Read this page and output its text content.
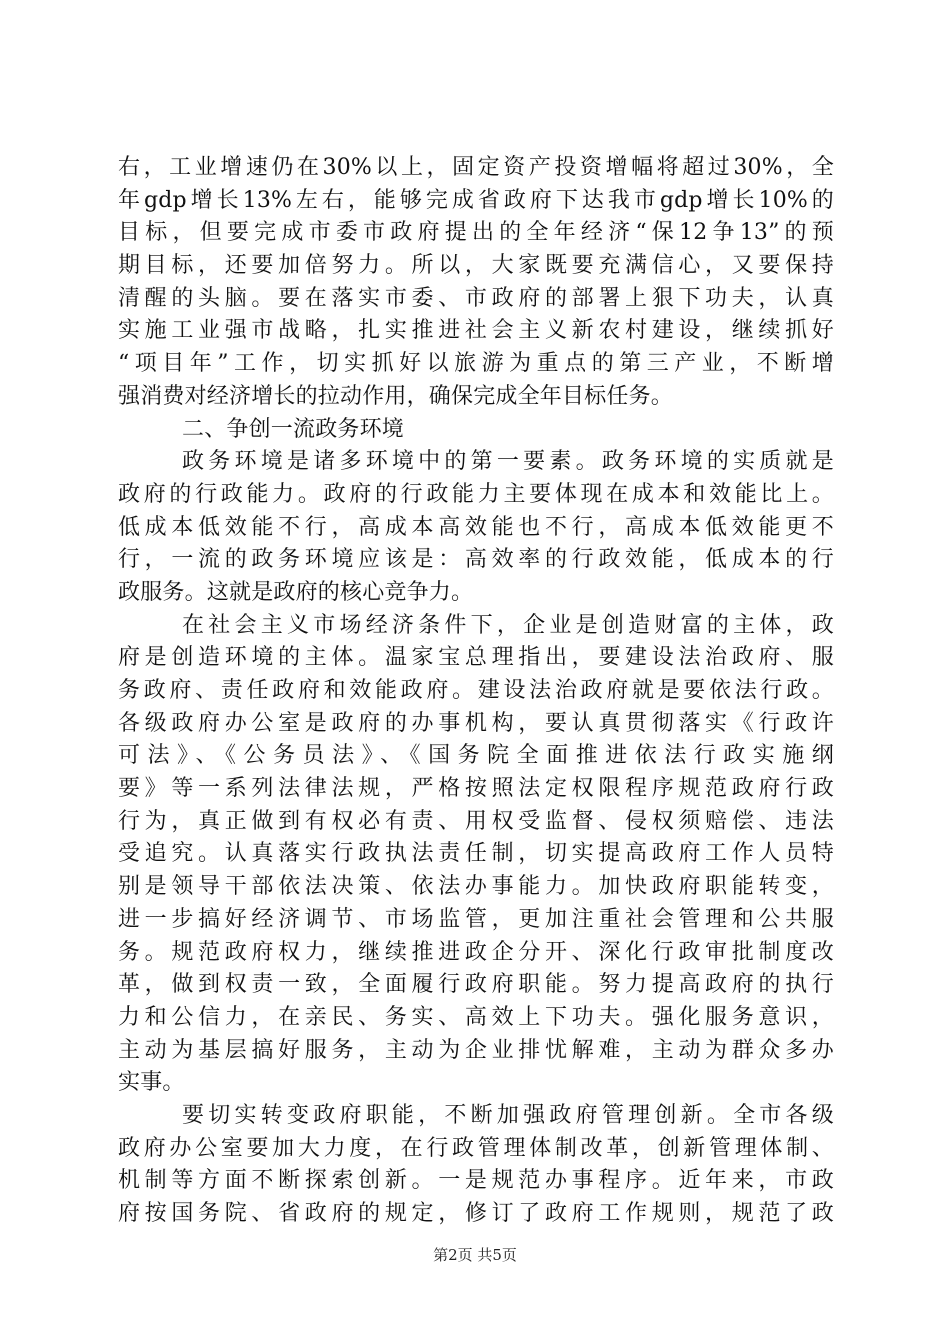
右，工业增速仍在30%以上，固定资产投资增幅将超过30%，全
年gdp增长13%左右，能够完成省政府下达我市gdp增长10%的
目标，但要完成市委市政府提出的全年经济“保12争13”的预
期目标，还要加倍努力。所以，大家既要充满信心，又要保持
清醒的头脑。要在落实市委、市政府的部署上狠下功夫，认真
实施工业强市战略，扎实推进社会主义新农村建设，继续抓好
“项目年”工作，切实抓好以旅游为重点的第三产业，不断增
强消费对经济增长的拉动作用，确保完成全年目标任务。
二、争创一流政务环境
政务环境是诸多环境中的第一要素。政务环境的实质就是
政府的行政能力。政府的行政能力主要体现在成本和效能比上。
低成本低效能不行，高成本高效能也不行，高成本低效能更不
行，一流的政务环境应该是：高效率的行政效能，低成本的行
政服务。这就是政府的核心竞争力。
在社会主义市场经济条件下，企业是创造财富的主体，政
府是创造环境的主体。温家宝总理指出，要建设法治政府、服
务政府、责任政府和效能政府。建设法治政府就是要依法行政。
各级政府办公室是政府的办事机构，要认真贯彻落实《行政许
可法》、《公务员法》、《国务院全面推进依法行政实施纲
要》等一系列法律法规，严格按照法定权限程序规范政府行政
行为，真正做到有权必有责、用权受监督、侵权须赔偿、违法
受追究。认真落实行政执法责任制，切实提高政府工作人员特
别是领导干部依法决策、依法办事能力。加快政府职能转变，
进一步搞好经济调节、市场监管，更加注重社会管理和公共服
务。规范政府权力，继续推进政企分开、深化行政审批制度改
革，做到权责一致，全面履行政府职能。努力提高政府的执行
力和公信力，在亲民、务实、高效上下功夫。强化服务意识，
主动为基层搞好服务，主动为企业排忧解难，主动为群众多办
实事。
要切实转变政府职能，不断加强政府管理创新。全市各级
政府办公室要加大力度，在行政管理体制改革，创新管理体制、
机制等方面不断探索创新。一是规范办事程序。近年来，市政
府按国务院、省政府的规定，修订了政府工作规则，规范了政
第2页 共5页
